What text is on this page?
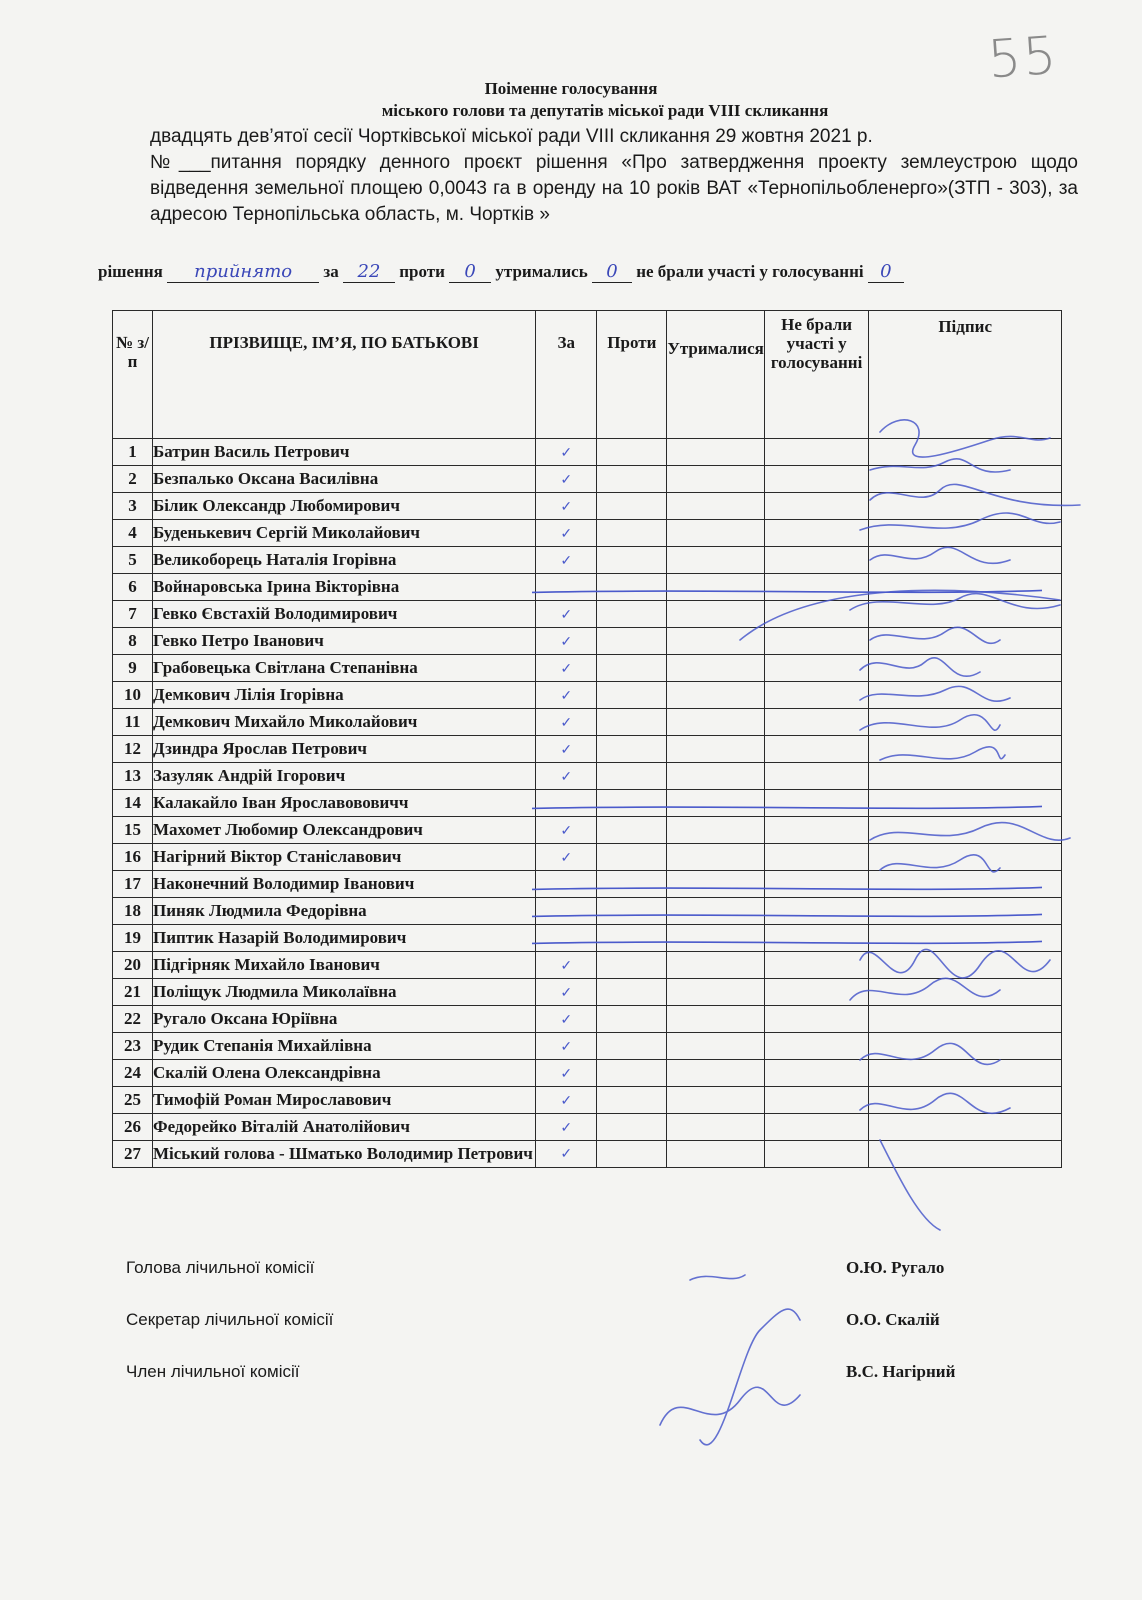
55
Поіменне голосування
міського голови та депутатів міської ради VIII скликання
двадцять дев’ятої сесії Чортківської міської ради VIII скликання 29 жовтня 2021 р.
№___питання порядку денного проєкт рішення «Про затвердження проекту землеустрою щодо відведення земельної площею 0,0043 га в оренду на 10 років ВАТ «Тернопільобленерго»(ЗТП - 303), за адресою Тернопільська область, м. Чортків »
рішення прийнято за 22 проти 0 утримались 0 не брали участі у голосуванні 0
№ з/п	ПРІЗВИЩЕ, ІМ’Я, ПО БАТЬКОВІ	За	Проти	Утрималися	Не брали участі у голосуванні	Підпис
1	Батрин Василь Петрович	✓				
2	Безпалько Оксана Василівна	✓				
3	Білик Олександр Любомирович	✓				
4	Буденькевич Сергій Миколайович	✓				
5	Великоборець Наталія Ігорівна	✓				
6	Войнаровська Ірина Вікторівна					
7	Гевко Євстахій Володимирович	✓				
8	Гевко Петро Іванович	✓				
9	Грабовецька Світлана Степанівна	✓				
10	Демкович Лілія Ігорівна	✓				
11	Демкович Михайло Миколайович	✓				
12	Дзиндра Ярослав Петрович	✓				
13	Зазуляк Андрій Ігорович	✓				
14	Калакайло Іван Ярославововичч					
15	Махомет Любомир Олександрович	✓				
16	Нагірний Віктор Станіславович	✓				
17	Наконечний Володимир Іванович					
18	Пиняк Людмила Федорівна					
19	Пиптик Назарій Володимирович					
20	Підгірняк Михайло Іванович	✓				
21	Поліщук Людмила Миколаївна	✓				
22	Ругало Оксана Юріївна	✓				
23	Рудик Степанія Михайлівна	✓				
24	Скалій Олена Олександрівна	✓				
25	Тимофій Роман Мирославович	✓				
26	Федорейко Віталій Анатолійович	✓				
27	Міський голова - Шматько Володимир Петрович	✓				
Голова лічильної комісії	О.Ю. Ругало
Секретар лічильної комісії	О.О. Скалій
Член лічильної комісії	В.С. Нагірний
